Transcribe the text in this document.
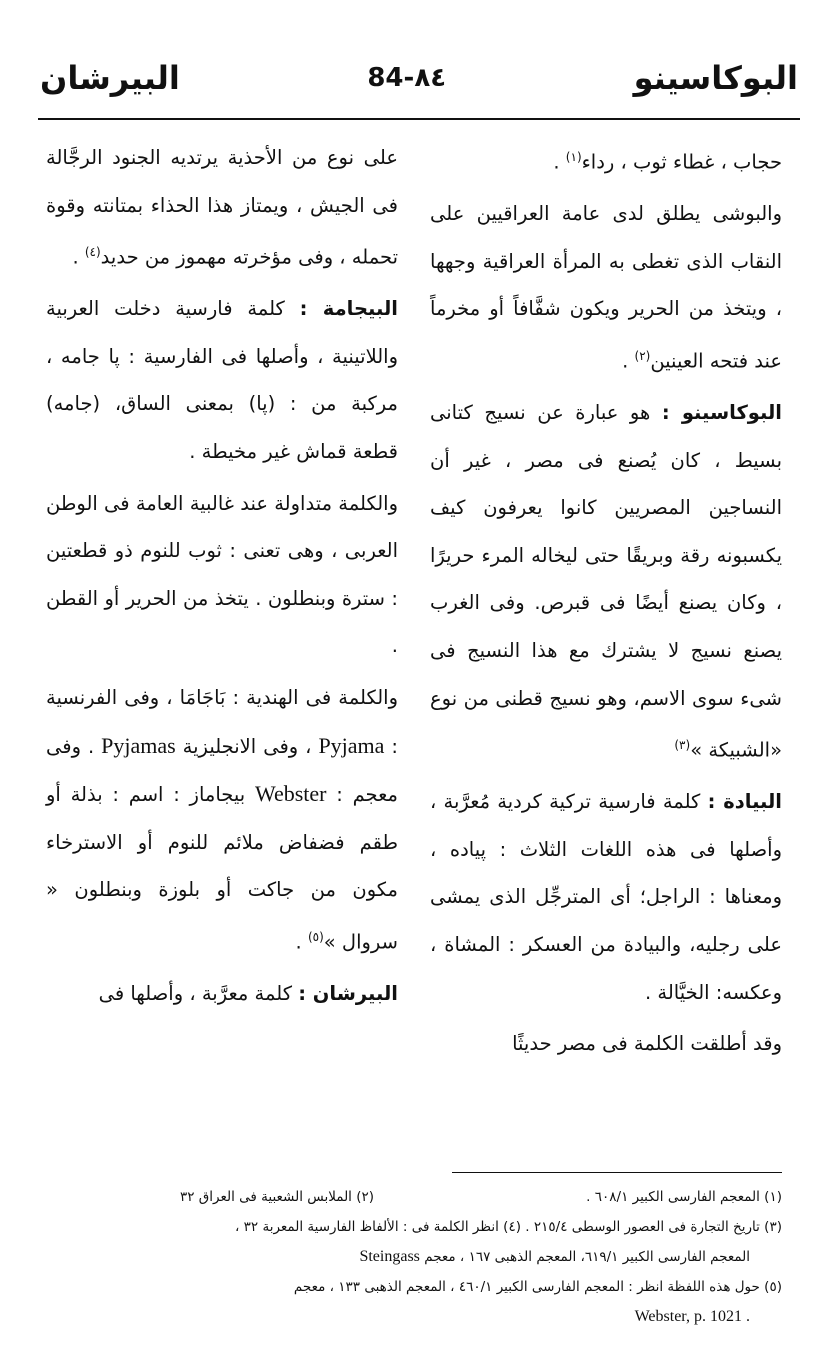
البوكاسينو
84-٨٤
البيرشان

حجاب ، غطاء ثوب ، رداء$^{(١)}$ .

والبوشى يطلق لدى عامة العراقيين على النقاب الذى تغطى به المرأة العراقية وجهها ، ويتخذ من الحرير ويكون شفَّافاً أو مخرماً عند فتحه العينين$^{(٢)}$ .

البوكاسينو : هو عبارة عن نسيج كتانى بسيط ، كان يُصنع فى مصر ، غير أن النساجين المصريين كانوا يعرفون كيف يكسبونه رقة وبريقًا حتى ليخاله المرء حريرًا ، وكان يصنع أيضًا فى قبرص. وفى الغرب يصنع نسيج لا يشترك مع هذا النسيج فى شىء سوى الاسم، وهو نسيج قطنى من نوع «الشبيكة »$^{(٣)}$

البيادة : كلمة فارسية تركية كردية مُعرَّبة ، وأصلها فى هذه اللغات الثلاث : پياده ، ومعناها : الراجل؛ أى المترجِّل الذى يمشى على رجليه، والبيادة من العسكر : المشاة ، وعكسه: الخيَّالة .

وقد أطلقت الكلمة فى مصر حديثًا

على نوع من الأحذية يرتديه الجنود الرجَّالة فى الجيش ، ويمتاز هذا الحذاء بمتانته وقوة تحمله ، وفى مؤخرته مهموز من حديد$^{(٤)}$ .

البيجامة : كلمة فارسية دخلت العربية واللاتينية ، وأصلها فى الفارسية : پا جامه ، مركبة من : (پا) بمعنى الساق، (جامه) قطعة قماش غير مخيطة .

والكلمة متداولة عند غالبية العامة فى الوطن العربى ، وهى تعنى : ثوب للنوم ذو قطعتين : سترة وبنطلون . يتخذ من الحرير أو القطن .

والكلمة فى الهندية : بَاجَامَا ، وفى الفرنسية : Pyjama ، وفى الانجليزية Pyjamas . وفى معجم : Webster بيجاماز : اسم : بذلة أو طقم فضفاض ملائم للنوم أو الاسترخاء مكون من جاكت أو بلوزة وبنطلون « سروال »$^{(٥)}$ .

البيرشان : كلمة معرَّبة ، وأصلها فى

(١) المعجم الفارسى الكبير ٦٠٨/١ .
(٢) الملابس الشعبية فى العراق ٣٢
(٣) تاريخ التجارة فى العصور الوسطى ٢١٥/٤ . (٤) انظر الكلمة فى : الألفاظ الفارسية المعربة ٣٢ ،
المعجم الفارسى الكبير ٦١٩/١، المعجم الذهبى ١٦٧ ، معجم Steingass
(٥) حول هذه اللفظة انظر : المعجم الفارسى الكبير ٤٦٠/١ ، المعجم الذهبى ١٣٣ ، معجم
. Webster, p. 1021
